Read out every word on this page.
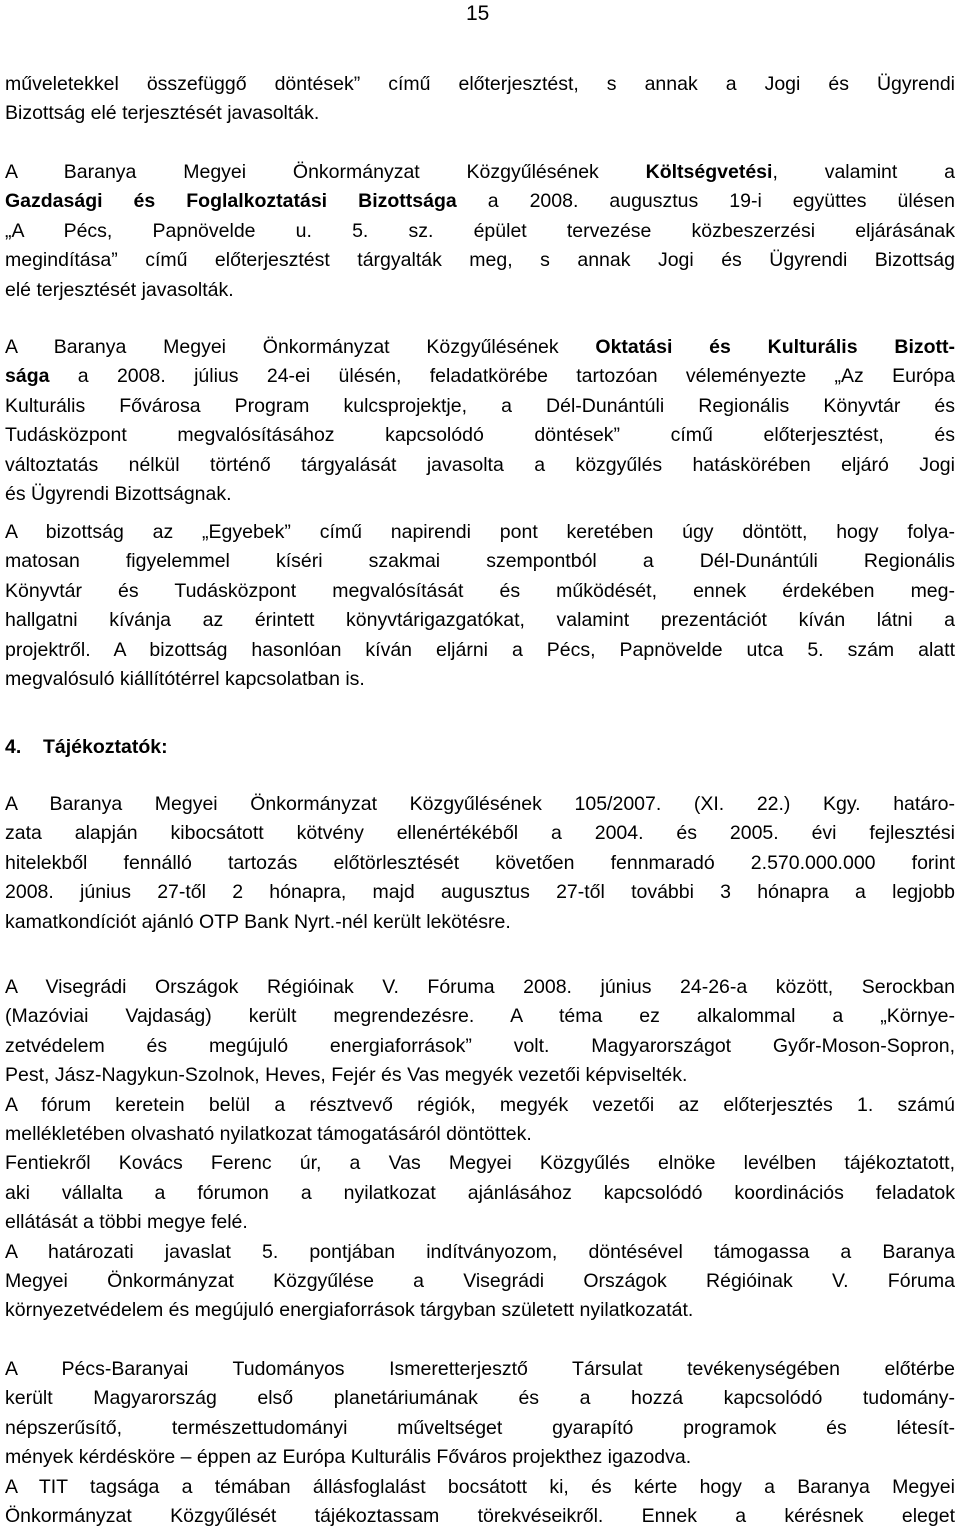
15
műveletekkel összefüggő döntések” című előterjesztést, s annak a Jogi és Ügyrendi
Bizottság elé terjesztését javasolták.
A Baranya Megyei Önkormányzat Közgyűlésének Költségvetési, valamint a
Gazdasági és Foglalkoztatási Bizottsága a 2008. augusztus 19-i együttes ülésen
„A Pécs, Papnövelde u. 5. sz. épület tervezése közbeszerzési eljárásának
megindítása” című előterjesztést tárgyalták meg, s annak Jogi és Ügyrendi Bizottság
elé terjesztését javasolták.
A Baranya Megyei Önkormányzat Közgyűlésének Oktatási és Kulturális Bizott-
sága a 2008. július 24-ei ülésén, feladatkörébe tartozóan véleményezte „Az Európa
Kulturális Fővárosa Program kulcsprojektje, a Dél-Dunántúli Regionális Könyvtár és
Tudásközpont megvalósításához kapcsolódó döntések” című előterjesztést, és
változtatás nélkül történő tárgyalását javasolta a közgyűlés hatáskörében eljáró Jogi
és Ügyrendi Bizottságnak.
A bizottság az „Egyebek” című napirendi pont keretében úgy döntött, hogy folya-
matosan figyelemmel kíséri szakmai szempontból a Dél-Dunántúli Regionális
Könyvtár és Tudásközpont megvalósítását és működését, ennek érdekében meg-
hallgatni kívánja az érintett könyvtárigazgatókat, valamint prezentációt kíván látni a
projektről. A bizottság hasonlóan kíván eljárni a Pécs, Papnövelde utca 5. szám alatt
megvalósuló kiállítótérrel kapcsolatban is.
4. Tájékoztatók:
A Baranya Megyei Önkormányzat Közgyűlésének 105/2007. (XI. 22.) Kgy. határo-
zata alapján kibocsátott kötvény ellenértékéből a 2004. és 2005. évi fejlesztési
hitelekből fennálló tartozás előtörlesztését követően fennmaradó 2.570.000.000 forint
2008. június 27-től 2 hónapra, majd augusztus 27-től további 3 hónapra a legjobb
kamatkondíciót ajánló OTP Bank Nyrt.-nél került lekötésre.
A Visegrádi Országok Régióinak V. Fóruma 2008. június 24-26-a között, Serockban
(Mazóviai Vajdaság) került megrendezésre. A téma ez alkalommal a „Környe-
zetvédelem és megújuló energiaforrások” volt. Magyarországot Győr-Moson-Sopron,
Pest, Jász-Nagykun-Szolnok, Heves, Fejér és Vas megyék vezetői képviselték.
A fórum keretein belül a résztvevő régiók, megyék vezetői az előterjesztés 1. számú
mellékletében olvasható nyilatkozat támogatásáról döntöttek.
Fentiekről Kovács Ferenc úr, a Vas Megyei Közgyűlés elnöke levélben tájékoztatott,
aki vállalta a fórumon a nyilatkozat ajánlásához kapcsolódó koordinációs feladatok
ellátását a többi megye felé.
A határozati javaslat 5. pontjában indítványozom, döntésével támogassa a Baranya
Megyei Önkormányzat Közgyűlése a Visegrádi Országok Régióinak V. Fóruma
környezetvédelem és megújuló energiaforrások tárgyban született nyilatkozatát.
A Pécs-Baranyai Tudományos Ismeretterjesztő Társulat tevékenységében előtérbe
került Magyarország első planetáriumának és a hozzá kapcsolódó tudomány-
népszerűsítő, természettudományi műveltséget gyarapító programok és létesít-
mények kérdésköre – éppen az Európa Kulturális Főváros projekthez igazodva.
A TIT tagsága a témában állásfoglalást bocsátott ki, és kérte hogy a Baranya Megyei
Önkormányzat Közgyűlését tájékoztassam törekvéseikről. Ennek a kérésnek eleget
